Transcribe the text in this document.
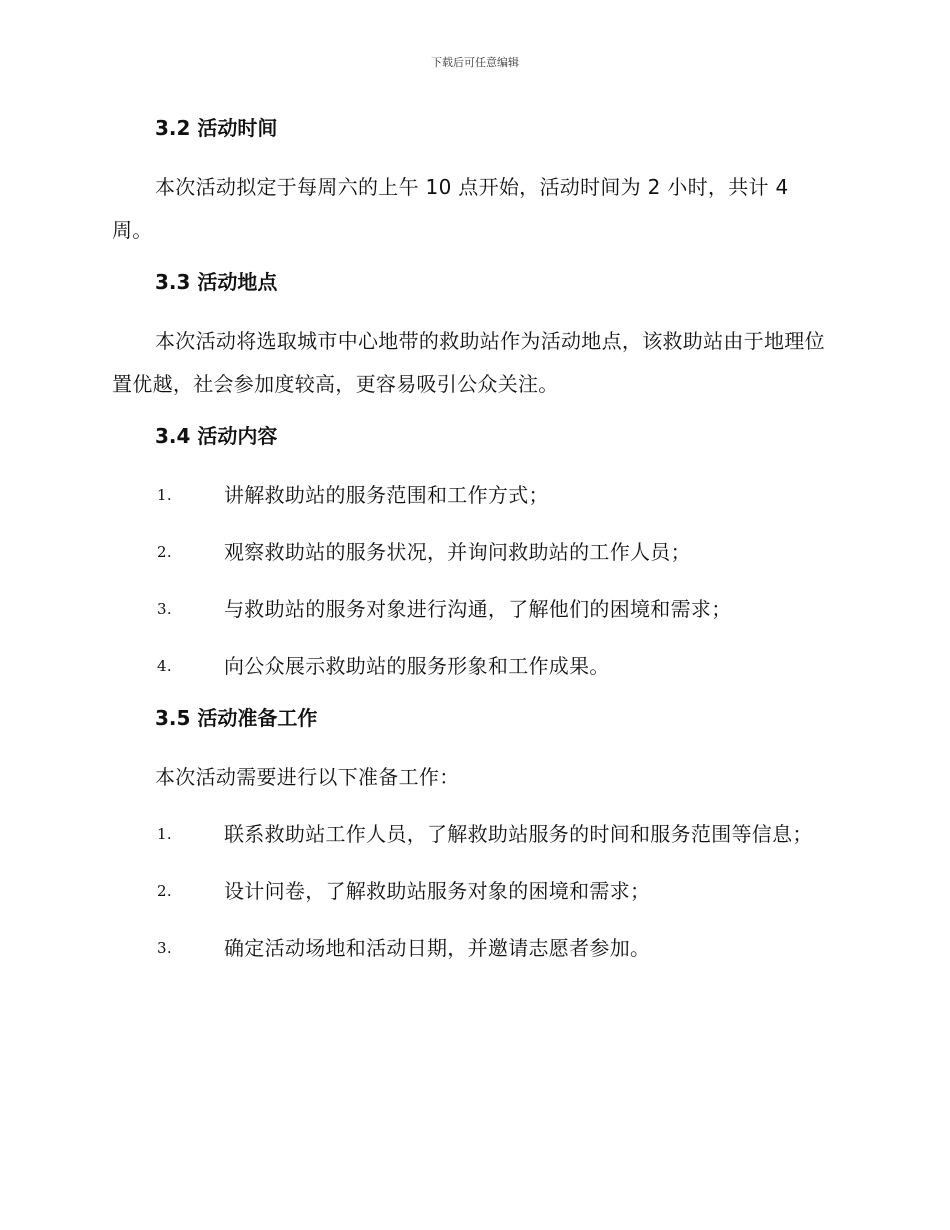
下载后可任意编辑
3.2 活动时间

本次活动拟定于每周六的上午 10 点开始，活动时间为 2 小时，共计 4 周。

3.3 活动地点

本次活动将选取城市中心地带的救助站作为活动地点，该救助站由于地理位置优越，社会参加度较高，更容易吸引公众关注。

3.4 活动内容
1.	讲解救助站的服务范围和工作方式；
2.	观察救助站的服务状况，并询问救助站的工作人员；
3.	与救助站的服务对象进行沟通，了解他们的困境和需求；
4.	向公众展示救助站的服务形象和工作成果。
3.5 活动准备工作

本次活动需要进行以下准备工作：

1.	联系救助站工作人员，了解救助站服务的时间和服务范围等信息；
2.	设计问卷，了解救助站服务对象的困境和需求；
3.	确定活动场地和活动日期，并邀请志愿者参加。
